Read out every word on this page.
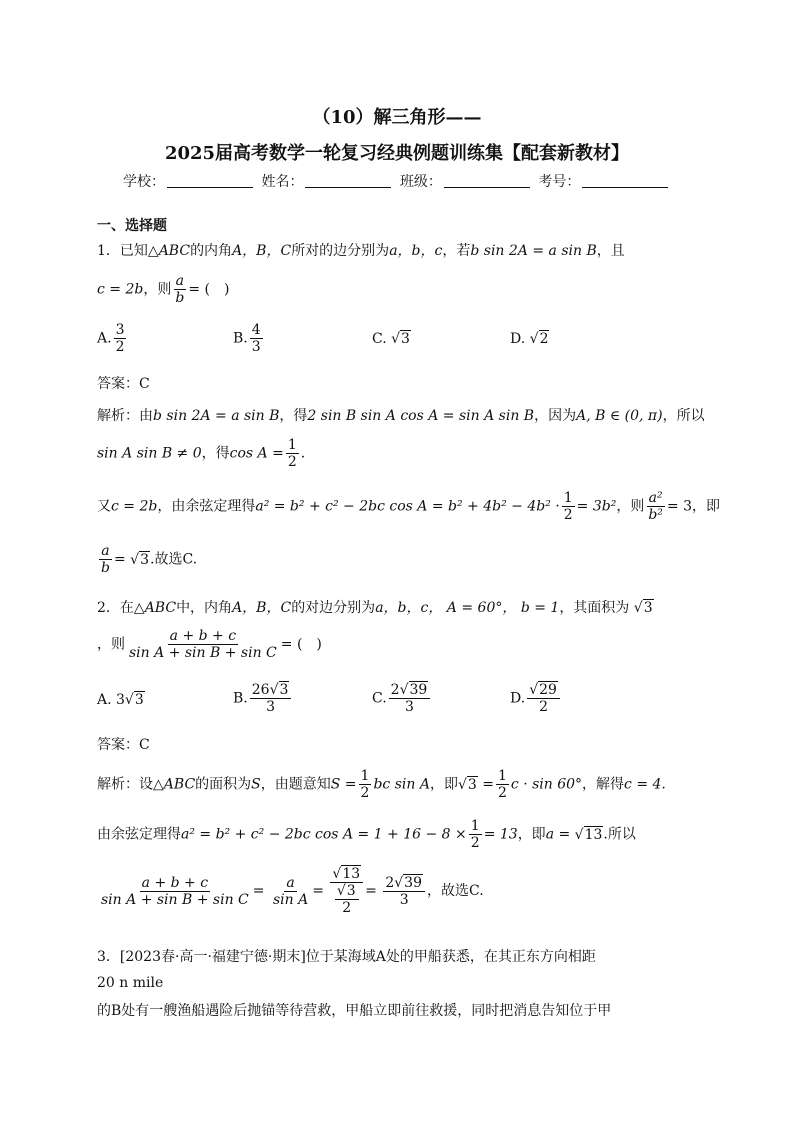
（10）解三角形——
2025届高考数学一轮复习经典例题训练集【配套新教材】
学校：	姓名：	班级：	考号：
一、选择题
1．已知△ABC的内角A，B，C所对的边分别为a，b，c，若b sin 2A = a sin B，且
c = 2b，则 $\frac{a}{b}$ = (　)
A. $\frac{3}{2}$	B. $\frac{4}{3}$	C. √3	D. √2
答案：C
解析：由b sin 2A = a sin B，得2 sin B sin A cos A = sin A sin B，因为A, B ∈ (0, π)，所以
sin A sin B ≠ 0，得$\cos A = \frac{1}{2}$ .
又c = 2b，由余弦定理得a² = b² + c² − 2bc $\cos A = b^2 + 4b^2 - 4b^2 \cdot \frac{1}{2} = 3b^2$，则 $\frac{\text{a²}}{\text{b²}} = 3$，即
$\frac{a}{b} = √3$.故选C.
2．在△ABC中，内角A，B，C的对边分别为a，b，c， A = 60°， b = 1，其面积为 √3
，则 $\frac{a + b + c}{\text{sin A + sin B + sin C}}$ = (　)
A. 3√3	B. $\frac{26√3}{3}$	C. $\frac{2√39}{3}$	D. $\frac{√29}{2}$
答案：C
解析：设△ABC的面积为S，由题意知$S = \frac{1}{2}$ bc sin A，即$√3 = \frac{1}{2}$ c · sin 60°，解得c = 4.
由余弦定理得a² = b² + c² − 2bc $\cos A = 1 + 16 - 8 \times \frac{1}{2} = 13$，即a = √13.所以
$\frac{a + b + c}{\text{sin A + sin B + sin C}} = \frac{a}{\text{sin A}} = \frac{√13}{\frac{√3}{2}} = \frac{2√39}{3}$ ，故选C.
3．[2023春·高一·福建宁德·期末]位于某海域A处的甲船获悉，在其正东方向相距
20 n mile
的B处有一艘渔船遇险后抛锚等待营救，甲船立即前往救援，同时把消息告知位于甲
